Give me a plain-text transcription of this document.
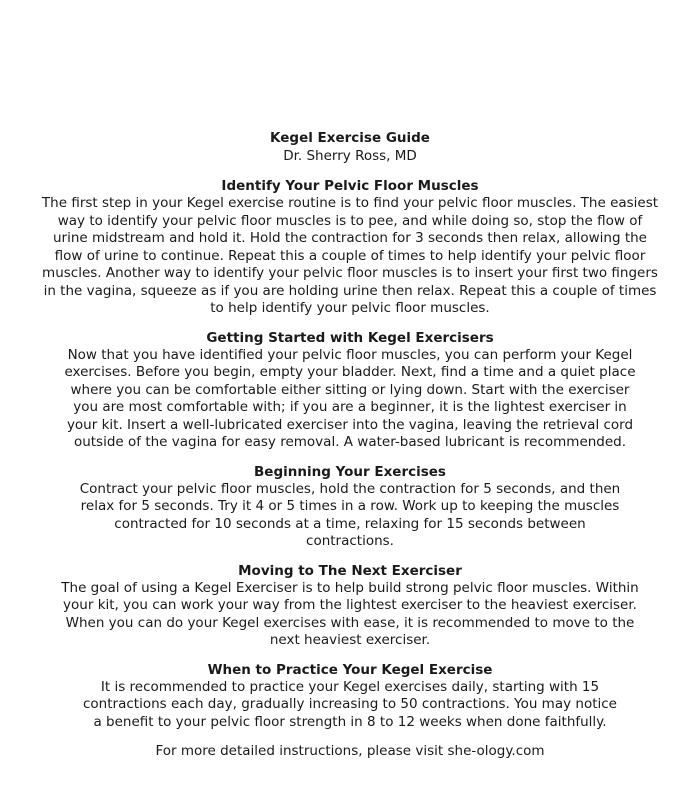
Kegel Exercise Guide
Dr. Sherry Ross, MD
Identify Your Pelvic Floor Muscles
The first step in your Kegel exercise routine is to find your pelvic floor muscles. The easiest way to identify your pelvic floor muscles is to pee, and while doing so, stop the flow of urine midstream and hold it. Hold the contraction for 3 seconds then relax, allowing the flow of urine to continue. Repeat this a couple of times to help identify your pelvic floor muscles. Another way to identify your pelvic floor muscles is to insert your first two fingers in the vagina, squeeze as if you are holding urine then relax. Repeat this a couple of times to help identify your pelvic floor muscles.
Getting Started with Kegel Exercisers
Now that you have identified your pelvic floor muscles, you can perform your Kegel exercises. Before you begin, empty your bladder. Next, find a time and a quiet place where you can be comfortable either sitting or lying down. Start with the exerciser you are most comfortable with; if you are a beginner, it is the lightest exerciser in your kit. Insert a well-lubricated exerciser into the vagina, leaving the retrieval cord outside of the vagina for easy removal. A water-based lubricant is recommended.
Beginning Your Exercises
Contract your pelvic floor muscles, hold the contraction for 5 seconds, and then relax for 5 seconds. Try it 4 or 5 times in a row. Work up to keeping the muscles contracted for 10 seconds at a time, relaxing for 15 seconds between contractions.
Moving to The Next Exerciser
The goal of using a Kegel Exerciser is to help build strong pelvic floor muscles. Within your kit, you can work your way from the lightest exerciser to the heaviest exerciser. When you can do your Kegel exercises with ease, it is recommended to move to the next heaviest exerciser.
When to Practice Your Kegel Exercise
It is recommended to practice your Kegel exercises daily, starting with 15 contractions each day, gradually increasing to 50 contractions. You may notice a benefit to your pelvic floor strength in 8 to 12 weeks when done faithfully.
For more detailed instructions, please visit she-ology.com
